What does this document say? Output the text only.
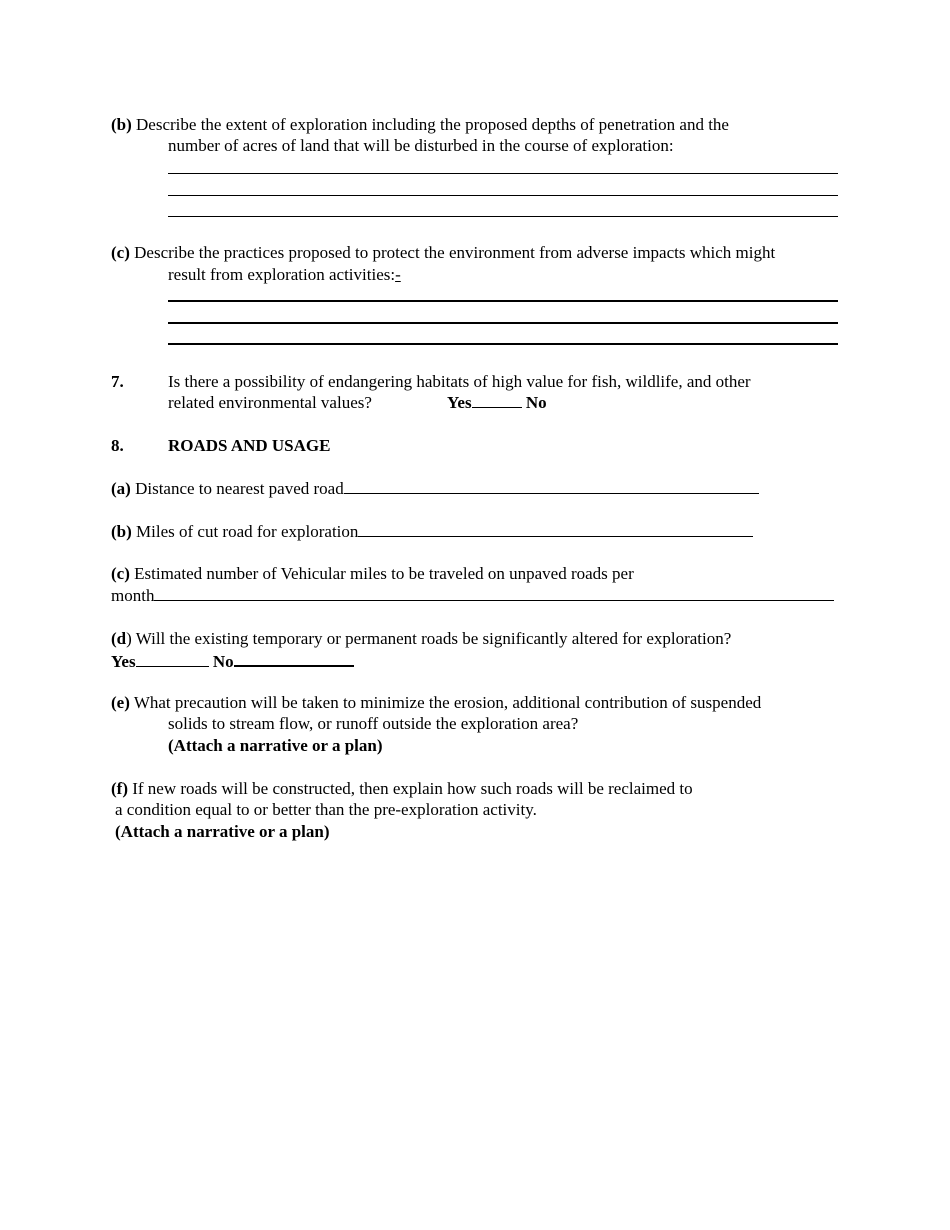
(b) Describe the extent of exploration including the proposed depths of penetration and the
number of acres of land that will be disturbed in the course of exploration:
(c) Describe the practices proposed to protect the environment from adverse impacts which might
result from exploration activities:-
7.	Is there a possibility of endangering habitats of high value for fish, wildlife, and other
related environmental values?	Yes	No
8.	ROADS AND USAGE
(a) Distance to nearest paved road
(b) Miles of cut road for exploration
(c) Estimated number of Vehicular miles to be traveled on unpaved roads per
month
(d) Will the existing temporary or permanent roads be significantly altered for exploration?
Yes	No
(e) What precaution will be taken to minimize the erosion, additional contribution of suspended
solids to stream flow, or runoff outside the exploration area?
(Attach a narrative or a plan)
(f) If new roads will be constructed, then explain how such roads will be reclaimed to
a condition equal to or better than the pre-exploration activity.
(Attach a narrative or a plan)
